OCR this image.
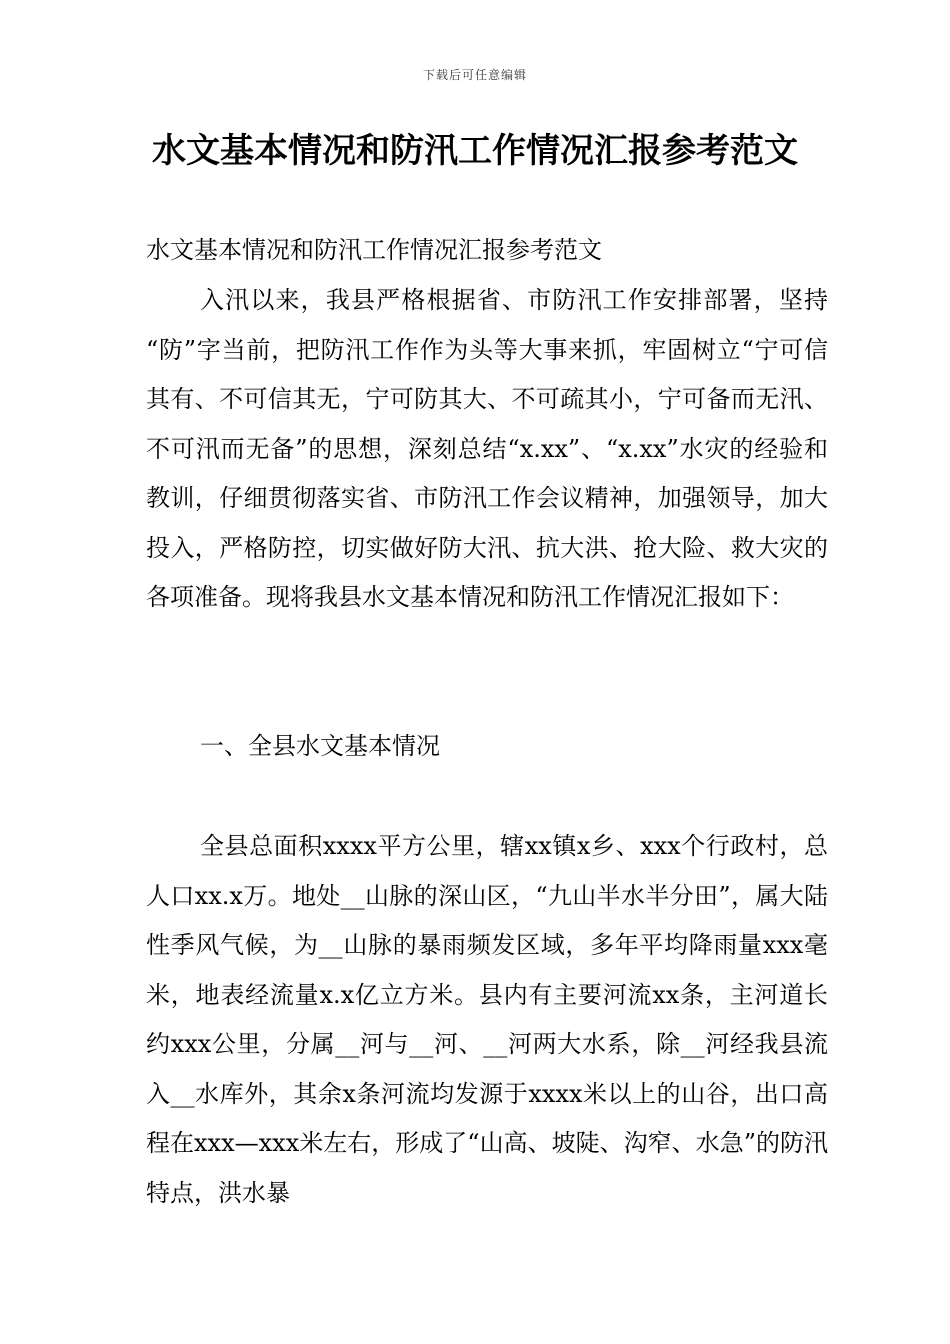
下载后可任意编辑
水文基本情况和防汛工作情况汇报参考范文

水文基本情况和防汛工作情况汇报参考范文

入汛以来，我县严格根据省、市防汛工作安排部署，坚持 “防”字当前，把防汛工作作为头等大事来抓，牢固树立“宁可信其有、不可信其无，宁可防其大、不可疏其小，宁可备而无汛、不可汛而无备”的思想，深刻总结“x.xx”、“x.xx”水灾的经验和教训，仔细贯彻落实省、市防汛工作会议精神，加强领导，加大投入，严格防控，切实做好防大汛、抗大洪、抢大险、救大灾的各项准备。现将我县水文基本情况和防汛工作情况汇报如下：

一、全县水文基本情况

全县总面积xxxx平方公里，辖xx镇x乡、xxx个行政村，总人口xx.x万。地处__山脉的深山区，“九山半水半分田”，属大陆性季风气候，为__山脉的暴雨频发区域，多年平均降雨量xxx毫米，地表经流量x.x亿立方米。县内有主要河流xx条，主河道长约xxx公里，分属__河与__河、__河两大水系，除__河经我县流入__水库外，其余x条河流均发源于xxxx米以上的山谷，出口高程在xxx—xxx米左右，形成了“山高、坡陡、沟窄、水急”的防汛特点，洪水暴
